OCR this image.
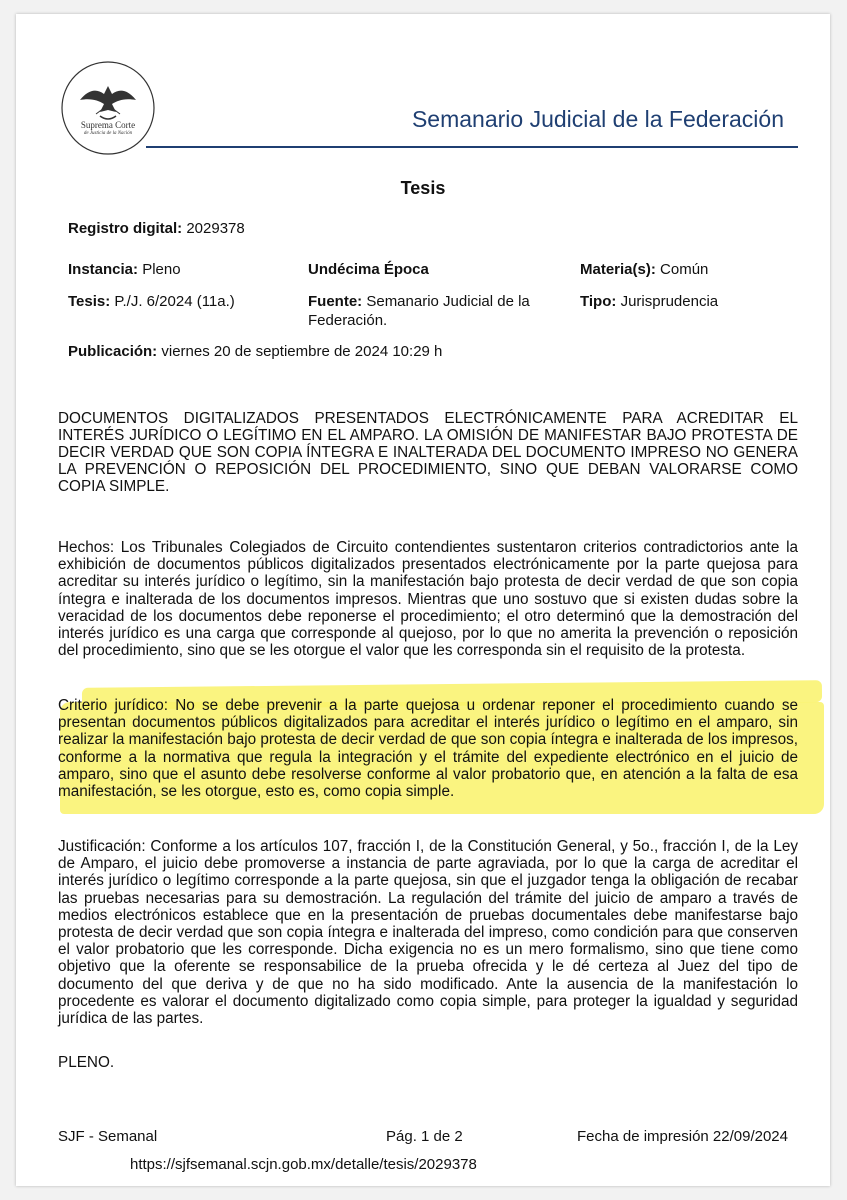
Suprema Corte
de Justicia de la Nación
Semanario Judicial de la Federación
Tesis
Registro digital: 2029378
Instancia: Pleno	Undécima Época	Materia(s): Común
Tesis: P./J. 6/2024 (11a.)	Fuente: Semanario Judicial de la Federación.
Tipo: Jurisprudencia
Publicación: viernes 20 de septiembre de 2024 10:29 h
DOCUMENTOS DIGITALIZADOS PRESENTADOS ELECTRÓNICAMENTE PARA ACREDITAR EL INTERÉS JURÍDICO O LEGÍTIMO EN EL AMPARO. LA OMISIÓN DE MANIFESTAR BAJO PROTESTA DE DECIR VERDAD QUE SON COPIA ÍNTEGRA E INALTERADA DEL DOCUMENTO IMPRESO NO GENERA LA PREVENCIÓN O REPOSICIÓN DEL PROCEDIMIENTO, SINO QUE DEBAN VALORARSE COMO COPIA SIMPLE.
Hechos: Los Tribunales Colegiados de Circuito contendientes sustentaron criterios contradictorios ante la exhibición de documentos públicos digitalizados presentados electrónicamente por la parte quejosa para acreditar su interés jurídico o legítimo, sin la manifestación bajo protesta de decir verdad de que son copia íntegra e inalterada de los documentos impresos. Mientras que uno sostuvo que si existen dudas sobre la veracidad de los documentos debe reponerse el procedimiento; el otro determinó que la demostración del interés jurídico es una carga que corresponde al quejoso, por lo que no amerita la prevención o reposición del procedimiento, sino que se les otorgue el valor que les corresponda sin el requisito de la protesta.
Criterio jurídico: No se debe prevenir a la parte quejosa u ordenar reponer el procedimiento cuando se presentan documentos públicos digitalizados para acreditar el interés jurídico o legítimo en el amparo, sin realizar la manifestación bajo protesta de decir verdad de que son copia íntegra e inalterada de los impresos, conforme a la normativa que regula la integración y el trámite del expediente electrónico en el juicio de amparo, sino que el asunto debe resolverse conforme al valor probatorio que, en atención a la falta de esa manifestación, se les otorgue, esto es, como copia simple.
Justificación: Conforme a los artículos 107, fracción I, de la Constitución General, y 5o., fracción I, de la Ley de Amparo, el juicio debe promoverse a instancia de parte agraviada, por lo que la carga de acreditar el interés jurídico o legítimo corresponde a la parte quejosa, sin que el juzgador tenga la obligación de recabar las pruebas necesarias para su demostración. La regulación del trámite del juicio de amparo a través de medios electrónicos establece que en la presentación de pruebas documentales debe manifestarse bajo protesta de decir verdad que son copia íntegra e inalterada del impreso, como condición para que conserven el valor probatorio que les corresponde. Dicha exigencia no es un mero formalismo, sino que tiene como objetivo que la oferente se responsabilice de la prueba ofrecida y le dé certeza al Juez del tipo de documento del que deriva y de que no ha sido modificado. Ante la ausencia de la manifestación lo procedente es valorar el documento digitalizado como copia simple, para proteger la igualdad y seguridad jurídica de las partes.
PLENO.
SJF - Semanal	Pág. 1 de 2	Fecha de impresión 22/09/2024
https://sjfsemanal.scjn.gob.mx/detalle/tesis/2029378
